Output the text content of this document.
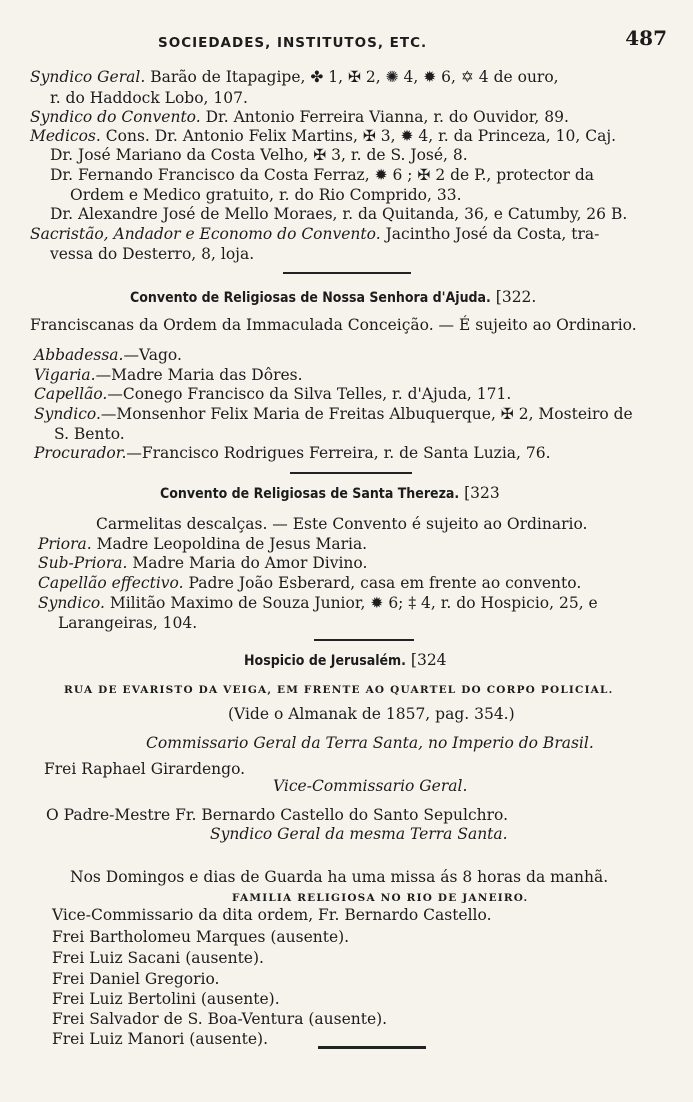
SOCIEDADES, INSTITUTOS, ETC.	487
Syndico Geral. Barão de Itapagipe, ✤ 1, ✠ 2, ✺ 4, ✹ 6, ✡ 4 de ouro,
r. do Haddock Lobo, 107.
Syndico do Convento. Dr. Antonio Ferreira Vianna, r. do Ouvidor, 89.
Medicos. Cons. Dr. Antonio Felix Martins, ✠ 3, ✹ 4, r. da Princeza, 10, Caj.
Dr. José Mariano da Costa Velho, ✠ 3, r. de S. José, 8.
Dr. Fernando Francisco da Costa Ferraz, ✹ 6 ; ✠ 2 de P., protector da
Ordem e Medico gratuito, r. do Rio Comprido, 33.
Dr. Alexandre José de Mello Moraes, r. da Quitanda, 36, e Catumby, 26 B.
Sacristão, Andador e Economo do Convento. Jacintho José da Costa, tra-
vessa do Desterro, 8, loja.
Convento de Religiosas de Nossa Senhora d'Ajuda. [322.
Franciscanas da Ordem da Immaculada Conceição. — É sujeito ao Ordinario.
Abbadessa.—Vago.
Vigaria.—Madre Maria das Dôres.
Capellão.—Conego Francisco da Silva Telles, r. d'Ajuda, 171.
Syndico.—Monsenhor Felix Maria de Freitas Albuquerque, ✠ 2, Mosteiro de
S. Bento.
Procurador.—Francisco Rodrigues Ferreira, r. de Santa Luzia, 76.
Convento de Religiosas de Santa Thereza. [323
Carmelitas descalças. — Este Convento é sujeito ao Ordinario.
Priora. Madre Leopoldina de Jesus Maria.
Sub-Priora. Madre Maria do Amor Divino.
Capellão effectivo. Padre João Esberard, casa em frente ao convento.
Syndico. Militão Maximo de Souza Junior, ✹ 6; ‡ 4, r. do Hospicio, 25, e
Larangeiras, 104.
Hospicio de Jerusalém. [324
RUA DE EVARISTO DA VEIGA, EM FRENTE AO QUARTEL DO CORPO POLICIAL.
(Vide o Almanak de 1857, pag. 354.)
Commissario Geral da Terra Santa, no Imperio do Brasil.
Frei Raphael Girardengo.
Vice-Commissario Geral.
O Padre-Mestre Fr. Bernardo Castello do Santo Sepulchro.
Syndico Geral da mesma Terra Santa.
Nos Domingos e dias de Guarda ha uma missa ás 8 horas da manhã.
FAMILIA RELIGIOSA NO RIO DE JANEIRO.
Vice-Commissario da dita ordem, Fr. Bernardo Castello.
Frei Bartholomeu Marques (ausente).
Frei Luiz Sacani (ausente).
Frei Daniel Gregorio.
Frei Luiz Bertolini (ausente).
Frei Salvador de S. Boa-Ventura (ausente).
Frei Luiz Manori (ausente).
